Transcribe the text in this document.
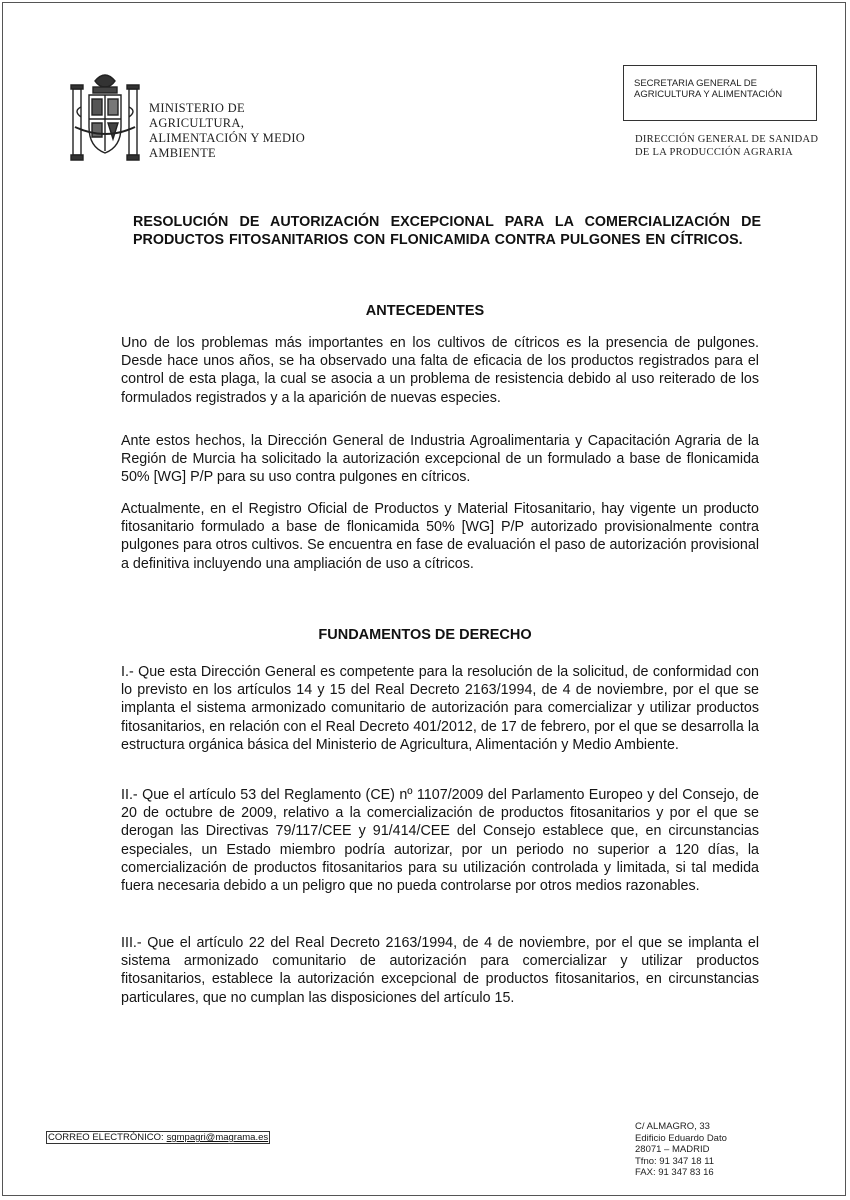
MINISTERIO DE
AGRICULTURA,
ALIMENTACIÓN Y MEDIO
AMBIENTE
SECRETARIA GENERAL DE
AGRICULTURA Y ALIMENTACIÓN
DIRECCIÓN GENERAL DE SANIDAD
DE LA PRODUCCIÓN AGRARIA

RESOLUCIÓN DE AUTORIZACIÓN EXCEPCIONAL PARA LA COMERCIALIZACIÓN DE PRODUCTOS FITOSANITARIOS CON FLONICAMIDA CONTRA PULGONES EN CÍTRICOS.

ANTECEDENTES

Uno de los problemas más importantes en los cultivos de cítricos es la presencia de pulgones. Desde hace unos años, se ha observado una falta de eficacia de los productos registrados para el control de esta plaga, la cual se asocia a un problema de resistencia debido al uso reiterado de los formulados registrados y a la aparición de nuevas especies.

Ante estos hechos, la Dirección General de Industria Agroalimentaria y Capacitación Agraria de la Región de Murcia ha solicitado la autorización excepcional de un formulado a base de flonicamida 50% [WG] P/P para su uso contra pulgones en cítricos.

Actualmente, en el Registro Oficial de Productos y Material Fitosanitario, hay vigente un producto fitosanitario formulado a base de flonicamida 50% [WG] P/P autorizado provisionalmente contra pulgones para otros cultivos. Se encuentra en fase de evaluación el paso de autorización provisional a definitiva incluyendo una ampliación de uso a cítricos.

FUNDAMENTOS DE DERECHO

I.- Que esta Dirección General es competente para la resolución de la solicitud, de conformidad con lo previsto en los artículos 14 y 15 del Real Decreto 2163/1994, de 4 de noviembre, por el que se implanta el sistema armonizado comunitario de autorización para comercializar y utilizar productos fitosanitarios, en relación con el Real Decreto 401/2012, de 17 de febrero, por el que se desarrolla la estructura orgánica básica del Ministerio de Agricultura, Alimentación y Medio Ambiente.

II.- Que el artículo 53 del Reglamento (CE) nº 1107/2009 del Parlamento Europeo y del Consejo, de 20 de octubre de 2009, relativo a la comercialización de productos fitosanitarios y por el que se derogan las Directivas 79/117/CEE y 91/414/CEE del Consejo establece que, en circunstancias especiales, un Estado miembro podría autorizar, por un periodo no superior a 120 días, la comercialización de productos fitosanitarios para su utilización controlada y limitada, si tal medida fuera necesaria debido a un peligro que no pueda controlarse por otros medios razonables.

III.- Que el artículo 22 del Real Decreto 2163/1994, de 4 de noviembre, por el que se implanta el sistema armonizado comunitario de autorización para comercializar y utilizar productos fitosanitarios, establece la autorización excepcional de productos fitosanitarios, en circunstancias particulares, que no cumplan las disposiciones del artículo 15.

CORREO ELECTRÓNICO: sgmpagri@magrama.es
C/ ALMAGRO, 33
Edificio Eduardo Dato
28071 – MADRID
Tfno: 91 347 18 11
FAX: 91 347 83 16
